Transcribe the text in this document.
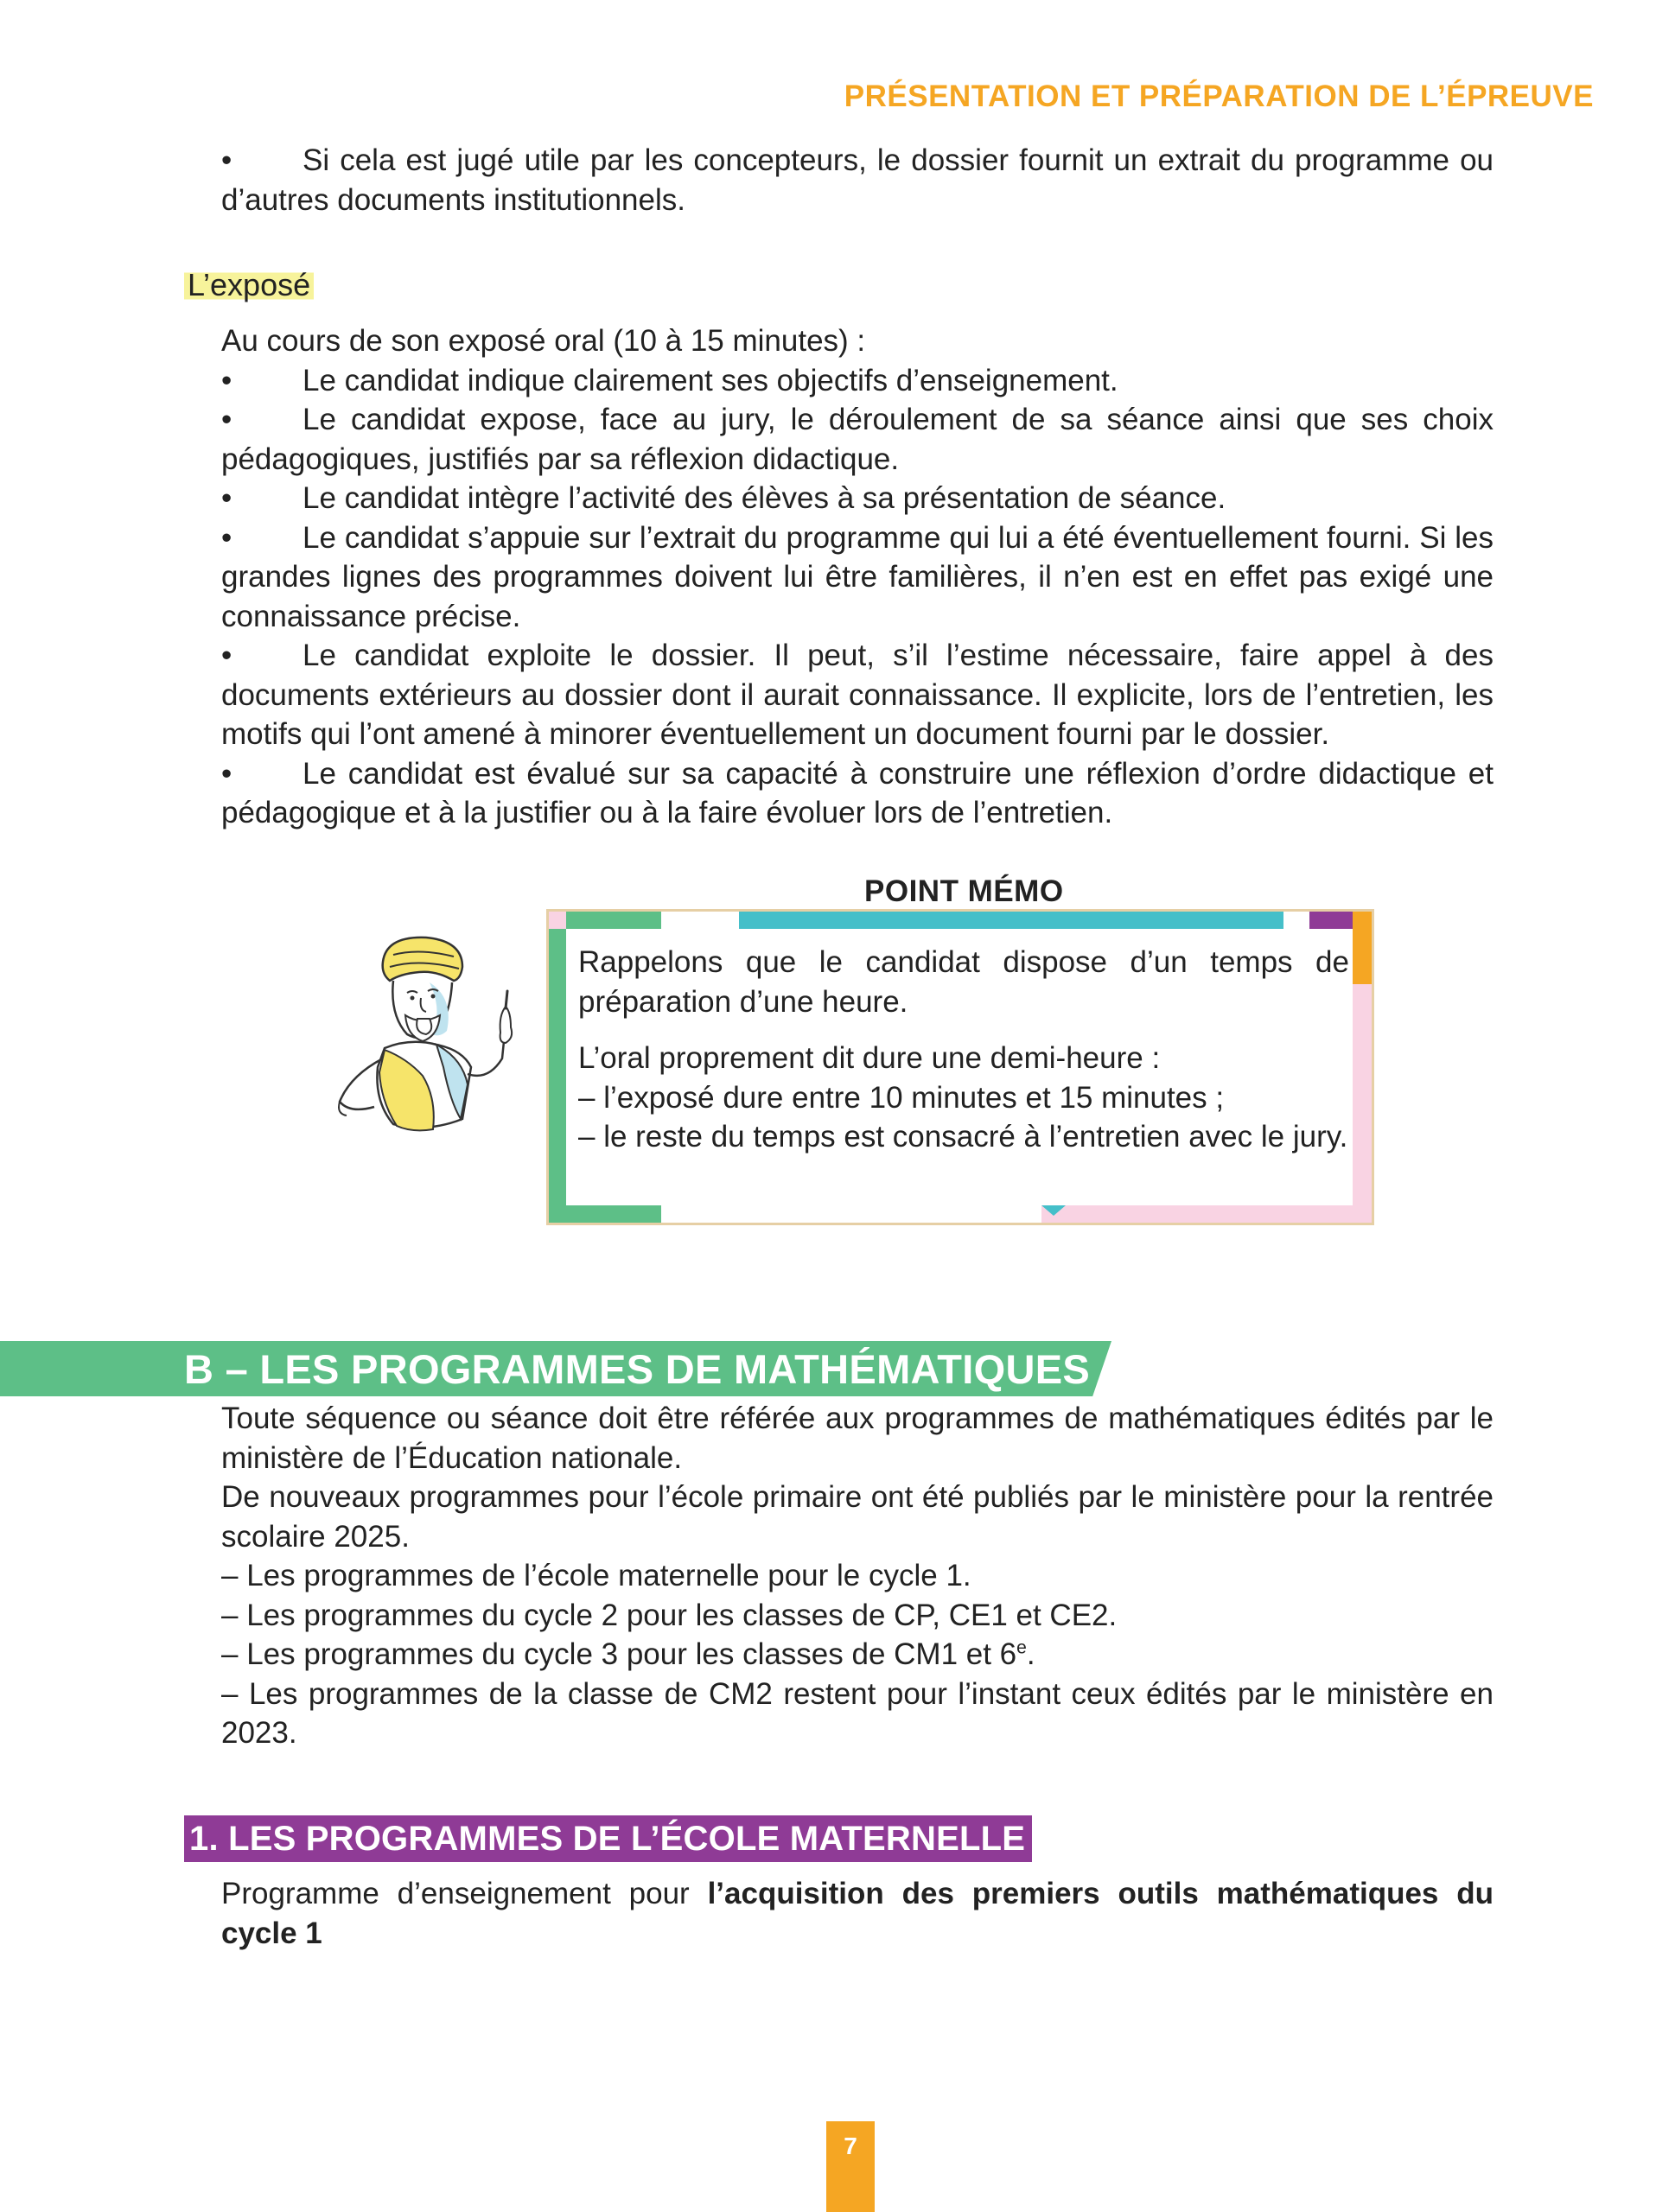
PRÉSENTATION ET PRÉPARATION DE L’ÉPREUVE
• Si cela est jugé utile par les concepteurs, le dossier fournit un extrait du programme ou d’autres documents institutionnels.
L’exposé
Au cours de son exposé oral (10 à 15 minutes) :
• Le candidat indique clairement ses objectifs d’enseignement.
• Le candidat expose, face au jury, le déroulement de sa séance ainsi que ses choix pédagogiques, justifiés par sa réflexion didactique.
• Le candidat intègre l’activité des élèves à sa présentation de séance.
• Le candidat s’appuie sur l’extrait du programme qui lui a été éventuellement fourni. Si les grandes lignes des programmes doivent lui être familières, il n’en est en effet pas exigé une connaissance précise.
• Le candidat exploite le dossier. Il peut, s’il l’estime nécessaire, faire appel à des documents extérieurs au dossier dont il aurait connaissance. Il explicite, lors de l’entretien, les motifs qui l’ont amené à minorer éventuellement un document fourni par le dossier.
• Le candidat est évalué sur sa capacité à construire une réflexion d’ordre didactique et pédagogique et à la justifier ou à la faire évoluer lors de l’entretien.
POINT MÉMO

Rappelons que le candidat dispose d’un temps de préparation d’une heure.

L’oral proprement dit dure une demi-heure :

– l’exposé dure entre 10 minutes et 15 minutes ;

– le reste du temps est consacré à l’entretien avec le jury.

B – LES PROGRAMMES DE MATHÉMATIQUES
Toute séquence ou séance doit être référée aux programmes de mathématiques édités par le ministère de l’Éducation nationale.
De nouveaux programmes pour l’école primaire ont été publiés par le ministère pour la rentrée scolaire 2025.
– Les programmes de l’école maternelle pour le cycle 1.
– Les programmes du cycle 2 pour les classes de CP, CE1 et CE2.
– Les programmes du cycle 3 pour les classes de CM1 et 6e.
– Les programmes de la classe de CM2 restent pour l’instant ceux édités par le ministère en 2023.
1. LES PROGRAMMES DE L’ÉCOLE MATERNELLE
Programme d’enseignement pour l’acquisition des premiers outils mathématiques du cycle 1
7
